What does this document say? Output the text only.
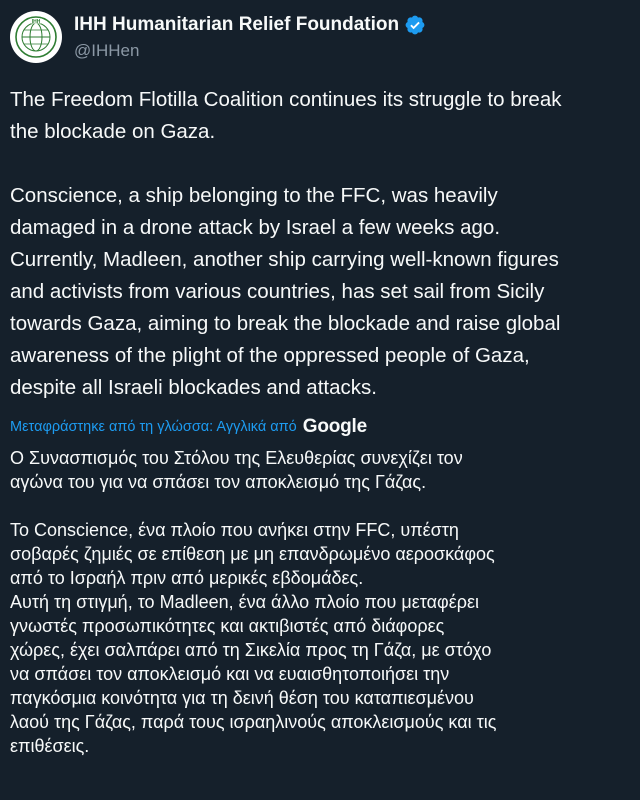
IHH IHH Humanitarian Relief Foundation
@IHHen

The Freedom Flotilla Coalition continues its struggle to break
the blockade on Gaza.

Conscience, a ship belonging to the FFC, was heavily
damaged in a drone attack by Israel a few weeks ago.
Currently, Madleen, another ship carrying well-known figures
and activists from various countries, has set sail from Sicily
towards Gaza, aiming to break the blockade and raise global
awareness of the plight of the oppressed people of Gaza,
despite all Israeli blockades and attacks.

Μεταφράστηκε από τη γλώσσα: Αγγλικά από Google

Ο Συνασπισμός του Στόλου της Ελευθερίας συνεχίζει τον
αγώνα του για να σπάσει τον αποκλεισμό της Γάζας.

Το Conscience, ένα πλοίο που ανήκει στην FFC, υπέστη
σοβαρές ζημιές σε επίθεση με μη επανδρωμένο αεροσκάφος
από το Ισραήλ πριν από μερικές εβδομάδες.
Αυτή τη στιγμή, το Madleen, ένα άλλο πλοίο που μεταφέρει
γνωστές προσωπικότητες και ακτιβιστές από διάφορες
χώρες, έχει σαλπάρει από τη Σικελία προς τη Γάζα, με στόχο
να σπάσει τον αποκλεισμό και να ευαισθητοποιήσει την
παγκόσμια κοινότητα για τη δεινή θέση του καταπιεσμένου
λαού της Γάζας, παρά τους ισραηλινούς αποκλεισμούς και τις
επιθέσεις.
